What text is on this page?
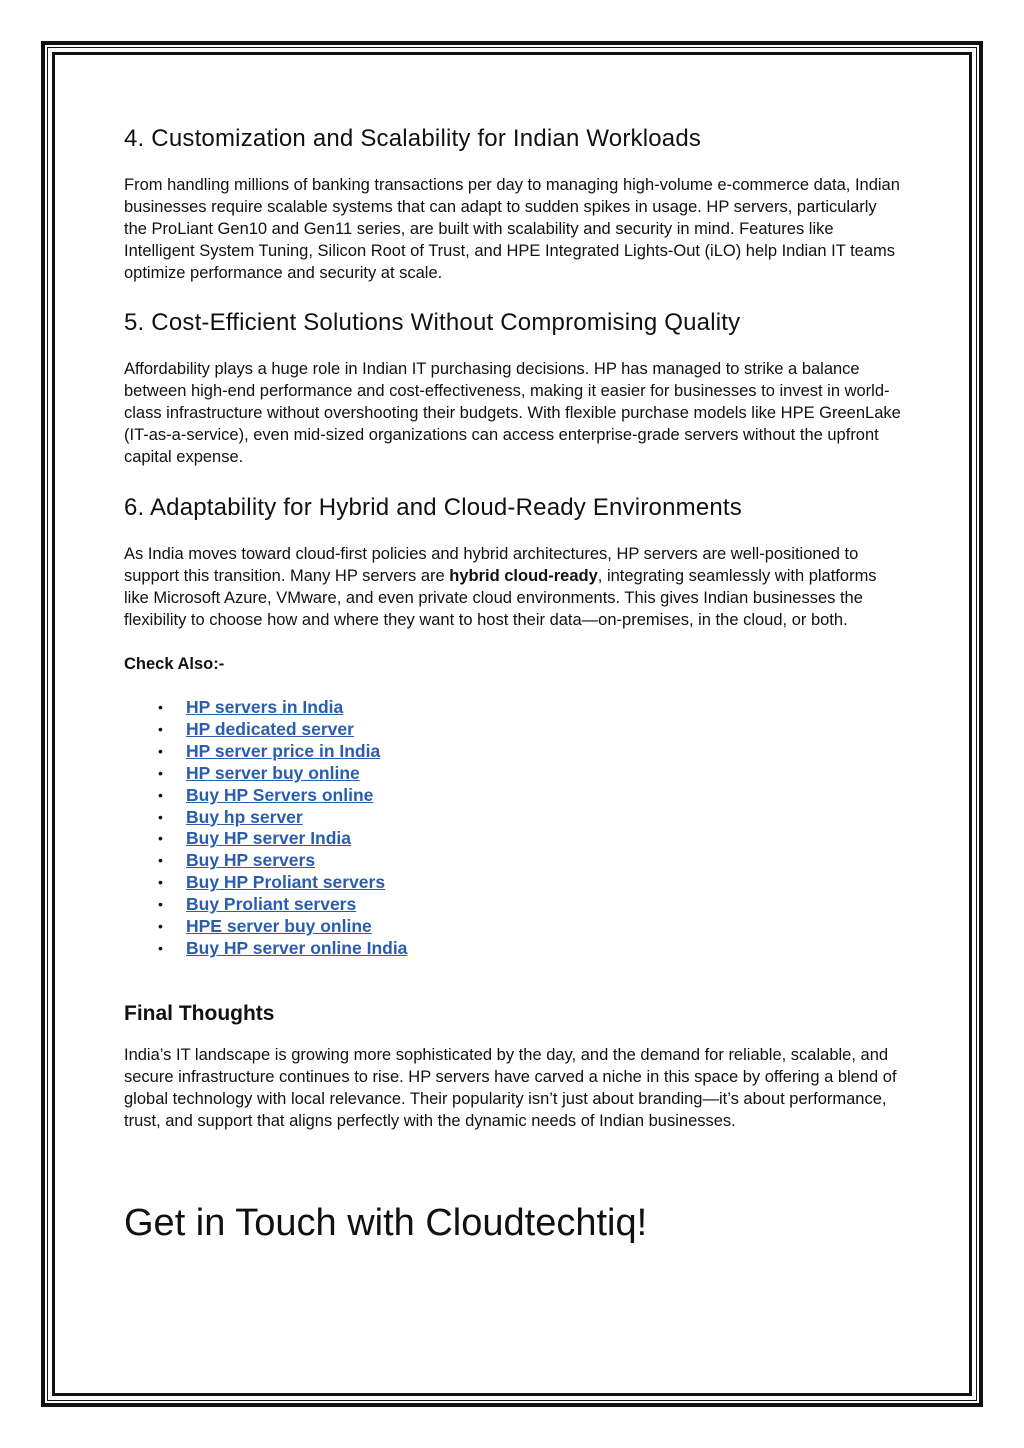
4. Customization and Scalability for Indian Workloads

From handling millions of banking transactions per day to managing high-volume e-commerce data, Indian businesses require scalable systems that can adapt to sudden spikes in usage. HP servers, particularly the ProLiant Gen10 and Gen11 series, are built with scalability and security in mind. Features like Intelligent System Tuning, Silicon Root of Trust, and HPE Integrated Lights-Out (iLO) help Indian IT teams optimize performance and security at scale.

5. Cost-Efficient Solutions Without Compromising Quality

Affordability plays a huge role in Indian IT purchasing decisions. HP has managed to strike a balance between high-end performance and cost-effectiveness, making it easier for businesses to invest in world-class infrastructure without overshooting their budgets. With flexible purchase models like HPE GreenLake (IT-as-a-service), even mid-sized organizations can access enterprise-grade servers without the upfront capital expense.

6. Adaptability for Hybrid and Cloud-Ready Environments

As India moves toward cloud-first policies and hybrid architectures, HP servers are well-positioned to support this transition. Many HP servers are hybrid cloud-ready, integrating seamlessly with platforms like Microsoft Azure, VMware, and even private cloud environments. This gives Indian businesses the flexibility to choose how and where they want to host their data—on-premises, in the cloud, or both.

Check Also:-
• HP servers in India
• HP dedicated server
• HP server price in India
• HP server buy online
• Buy HP Servers online
• Buy hp server
• Buy HP server India
• Buy HP servers
• Buy HP Proliant servers
• Buy Proliant servers
• HPE server buy online
• Buy HP server online India
Final Thoughts

India’s IT landscape is growing more sophisticated by the day, and the demand for reliable, scalable, and secure infrastructure continues to rise. HP servers have carved a niche in this space by offering a blend of global technology with local relevance. Their popularity isn’t just about branding—it’s about performance, trust, and support that aligns perfectly with the dynamic needs of Indian businesses.

Get in Touch with Cloudtechtiq!
